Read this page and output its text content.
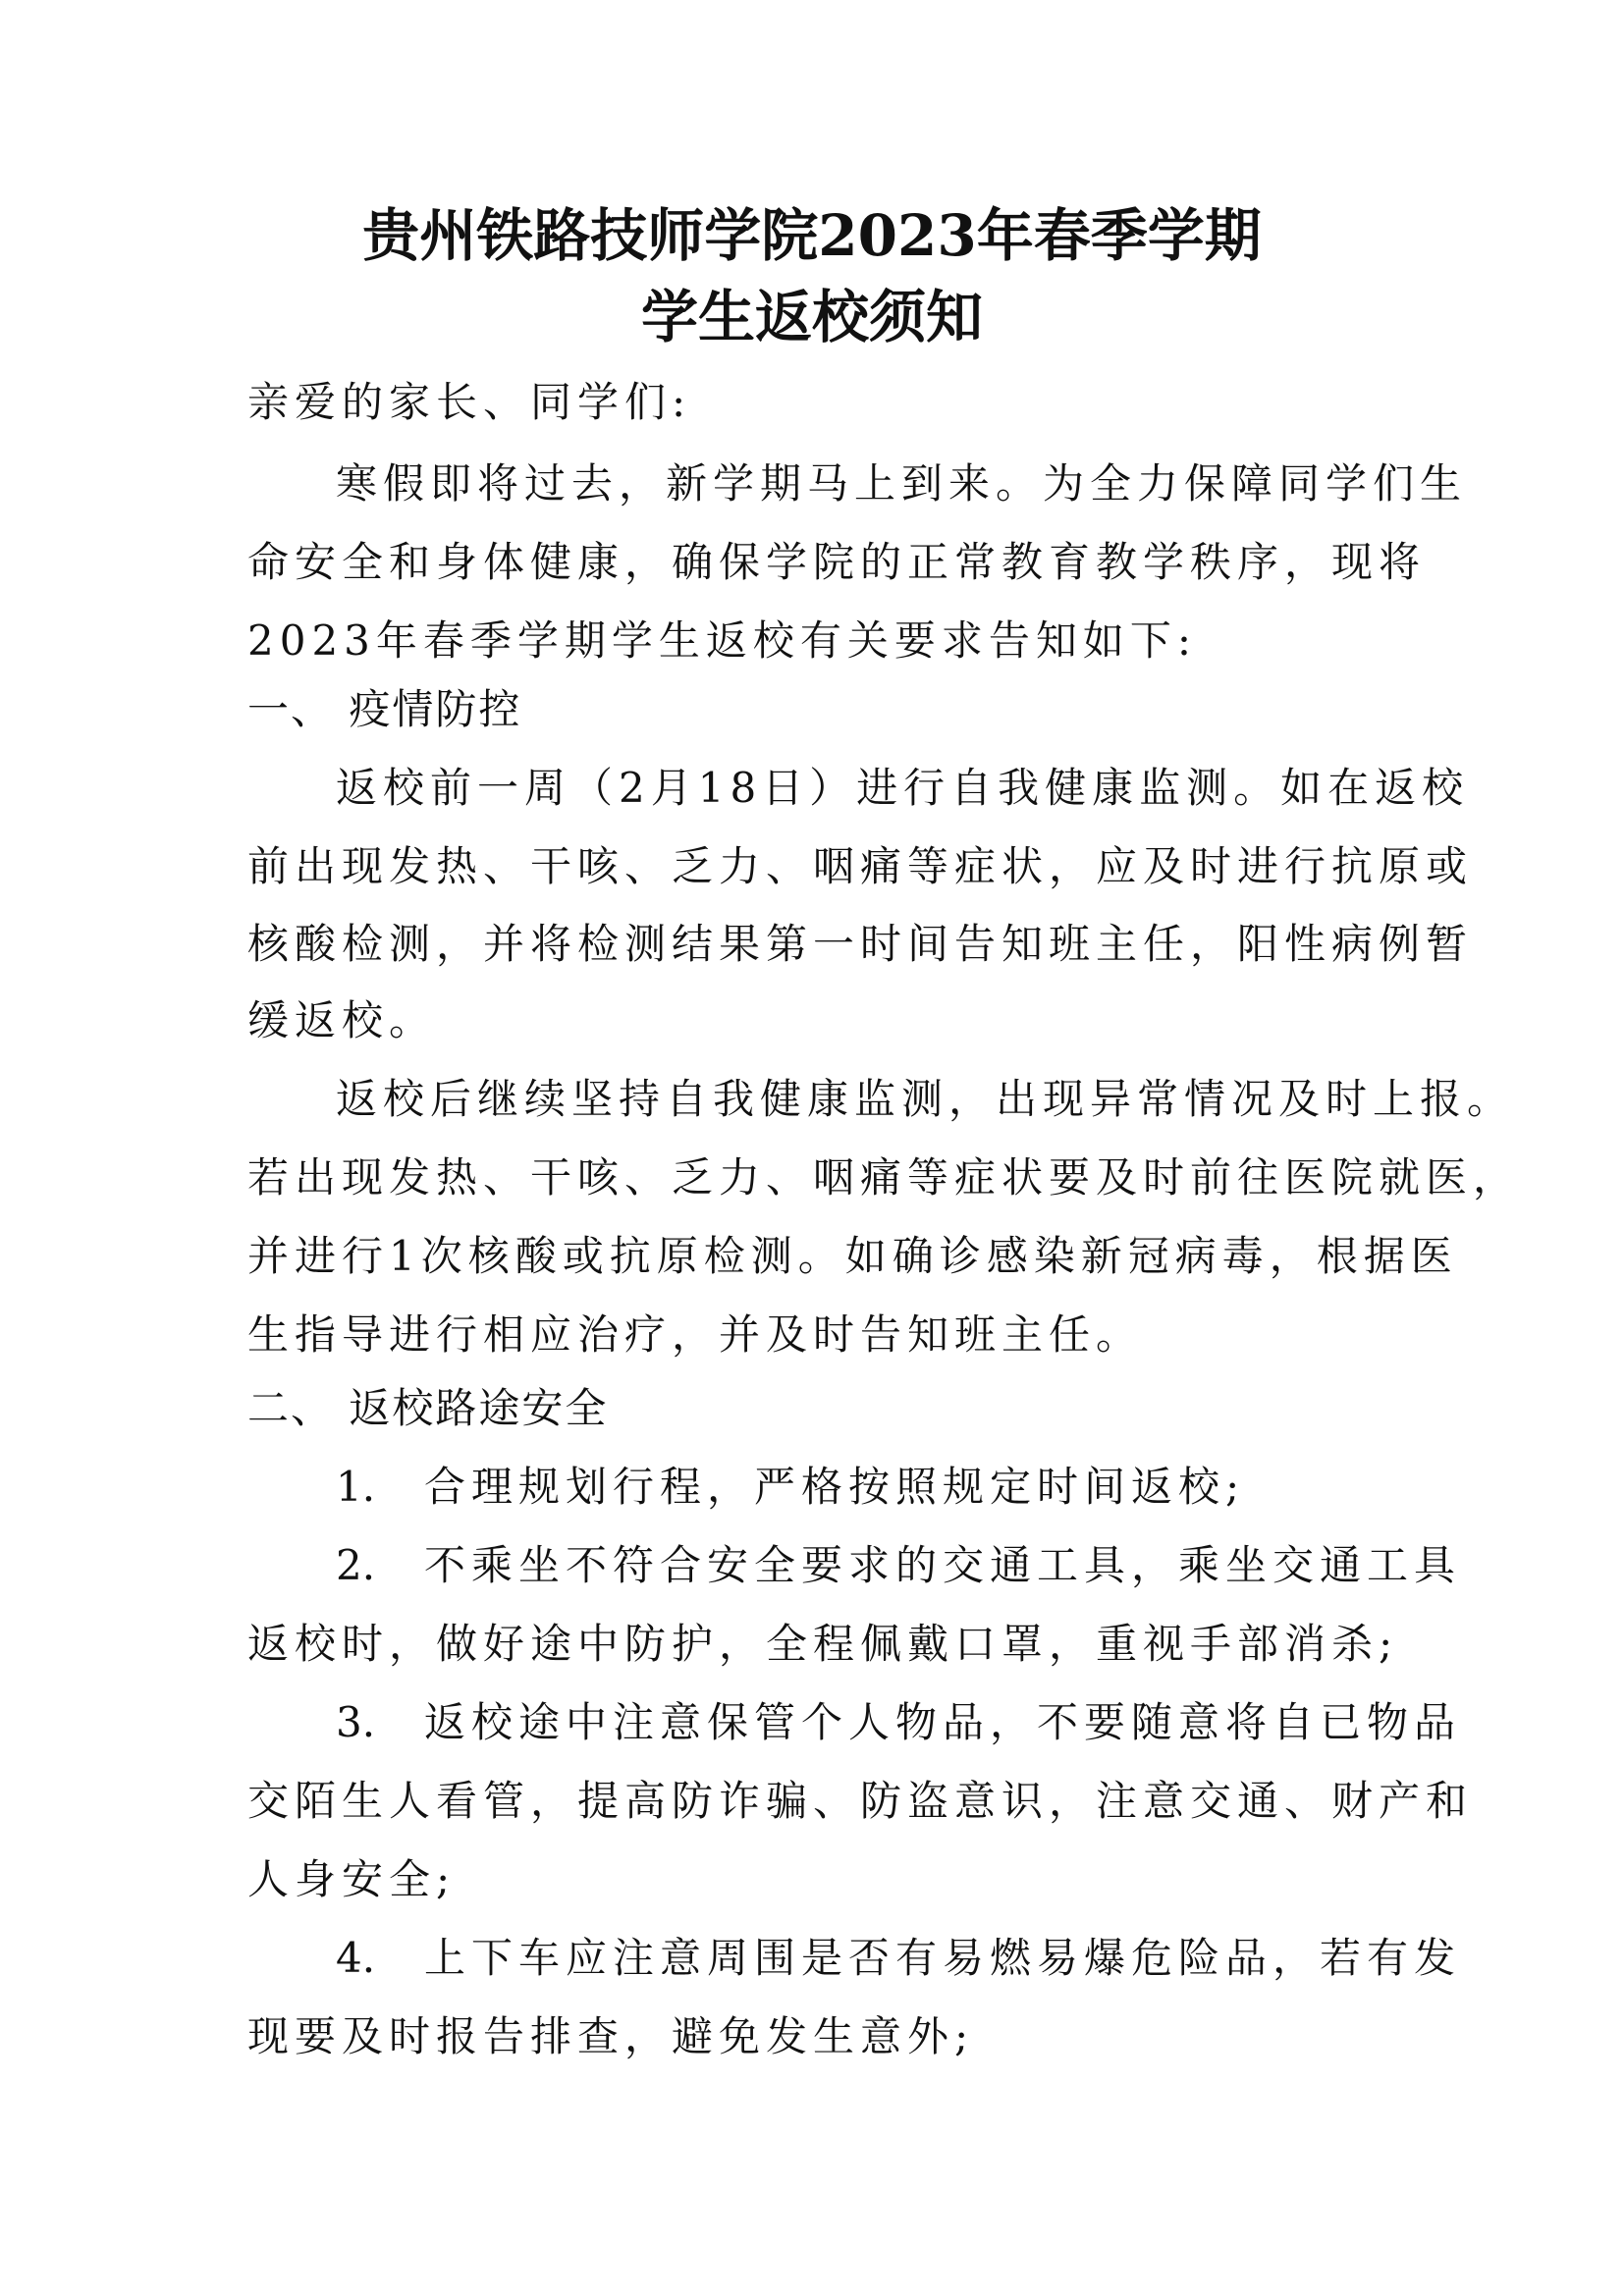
贵州铁路技师学院2023年春季学期
学生返校须知
亲爱的家长、同学们:
寒假即将过去，新学期马上到来。为全力保障同学们生
命安全和身体健康，确保学院的正常教育教学秩序，现将
2023年春季学期学生返校有关要求告知如下:
一、 疫情防控
返校前一周（2月18日）进行自我健康监测。如在返校
前出现发热、干咳、乏力、咽痛等症状，应及时进行抗原或
核酸检测，并将检测结果第一时间告知班主任，阳性病例暂
缓返校。
返校后继续坚持自我健康监测，出现异常情况及时上报。
若出现发热、干咳、乏力、咽痛等症状要及时前往医院就医，
并进行1次核酸或抗原检测。如确诊感染新冠病毒，根据医
生指导进行相应治疗，并及时告知班主任。
二、 返校路途安全
1.	合理规划行程，严格按照规定时间返校;
2.	不乘坐不符合安全要求的交通工具，乘坐交通工具
返校时，做好途中防护，全程佩戴口罩，重视手部消杀;
3.	返校途中注意保管个人物品，不要随意将自已物品
交陌生人看管，提高防诈骗、防盗意识，注意交通、财产和
人身安全;
4.	上下车应注意周围是否有易燃易爆危险品，若有发
现要及时报告排查，避免发生意外;
